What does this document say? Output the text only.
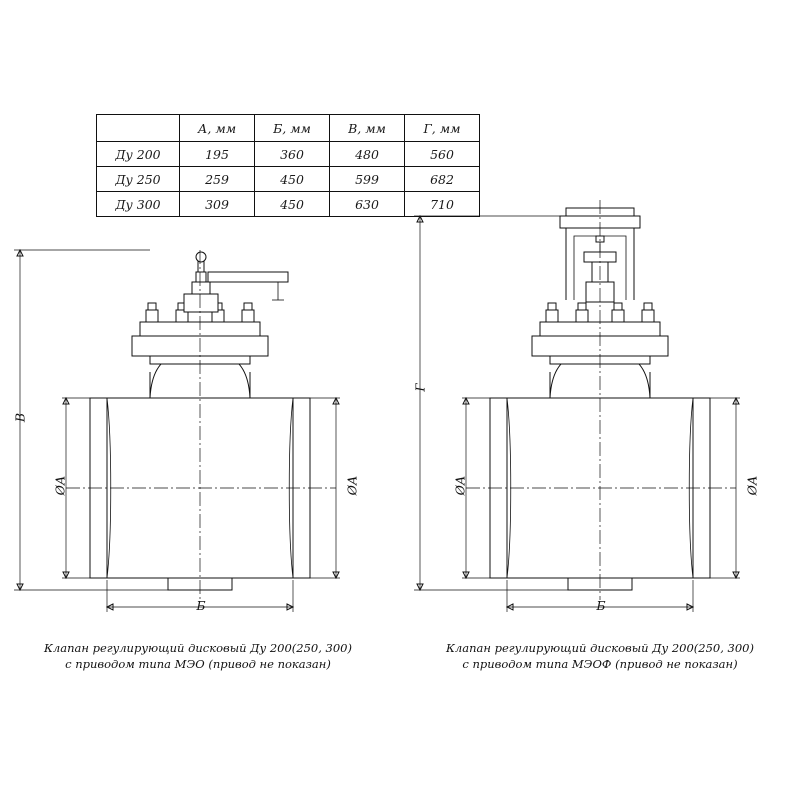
	А, мм	Б, мм	В, мм	Г, мм
Ду 200	195	360	480	560
Ду 250	259	450	599	682
Ду 300	309	450	630	710
В
ØА	ØА
Б
Г
ØА	ØА
Б
Клапан регулирующий дисковый Ду 200(250, 300)
с приводом типа МЭО (привод не показан)
Клапан регулирующий дисковый Ду 200(250, 300)
с приводом типа МЭОФ (привод не показан)
